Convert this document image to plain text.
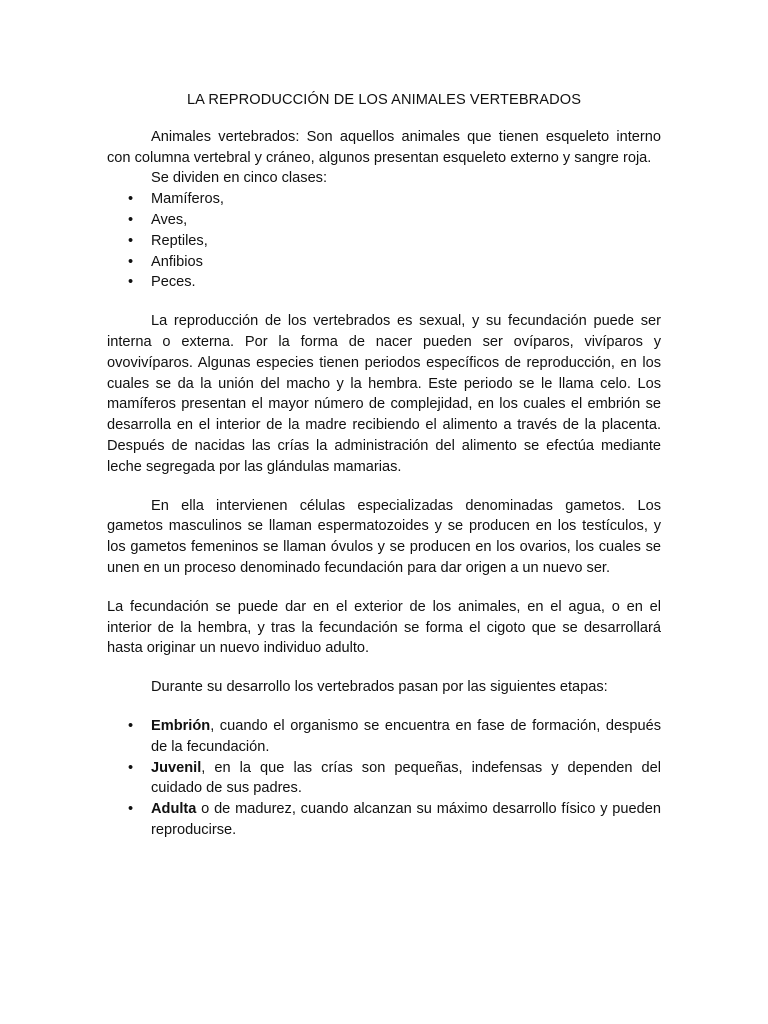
LA REPRODUCCIÓN DE LOS ANIMALES VERTEBRADOS

Animales vertebrados: Son aquellos animales que tienen esqueleto interno con columna vertebral y cráneo, algunos presentan esqueleto externo y sangre roja.

Se dividen en cinco clases:

• Mamíferos,
• Aves,
• Reptiles,
• Anfibios
• Peces.

La reproducción de los vertebrados es sexual, y su fecundación puede ser interna o externa. Por la forma de nacer pueden ser ovíparos, vivíparos y ovovivíparos. Algunas especies tienen periodos específicos de reproducción, en los cuales se da la unión del macho y la hembra. Este periodo se le llama celo. Los mamíferos presentan el mayor número de complejidad, en los cuales el embrión se desarrolla en el interior de la madre recibiendo el alimento a través de la placenta. Después de nacidas las crías la administración del alimento se efectúa mediante leche segregada por las glándulas mamarias.

En ella intervienen células especializadas denominadas gametos. Los gametos masculinos se llaman espermatozoides y se producen en los testículos, y los gametos femeninos se llaman óvulos y se producen en los ovarios, los cuales se unen en un proceso denominado fecundación para dar origen a un nuevo ser.

La fecundación se puede dar en el exterior de los animales, en el agua, o en el interior de la hembra, y tras la fecundación se forma el cigoto que se desarrollará hasta originar un nuevo individuo adulto.

Durante su desarrollo los vertebrados pasan por las siguientes etapas:

• Embrión, cuando el organismo se encuentra en fase de formación, después de la fecundación.
• Juvenil, en la que las crías son pequeñas, indefensas y dependen del cuidado de sus padres.
• Adulta o de madurez, cuando alcanzan su máximo desarrollo físico y pueden reproducirse.
